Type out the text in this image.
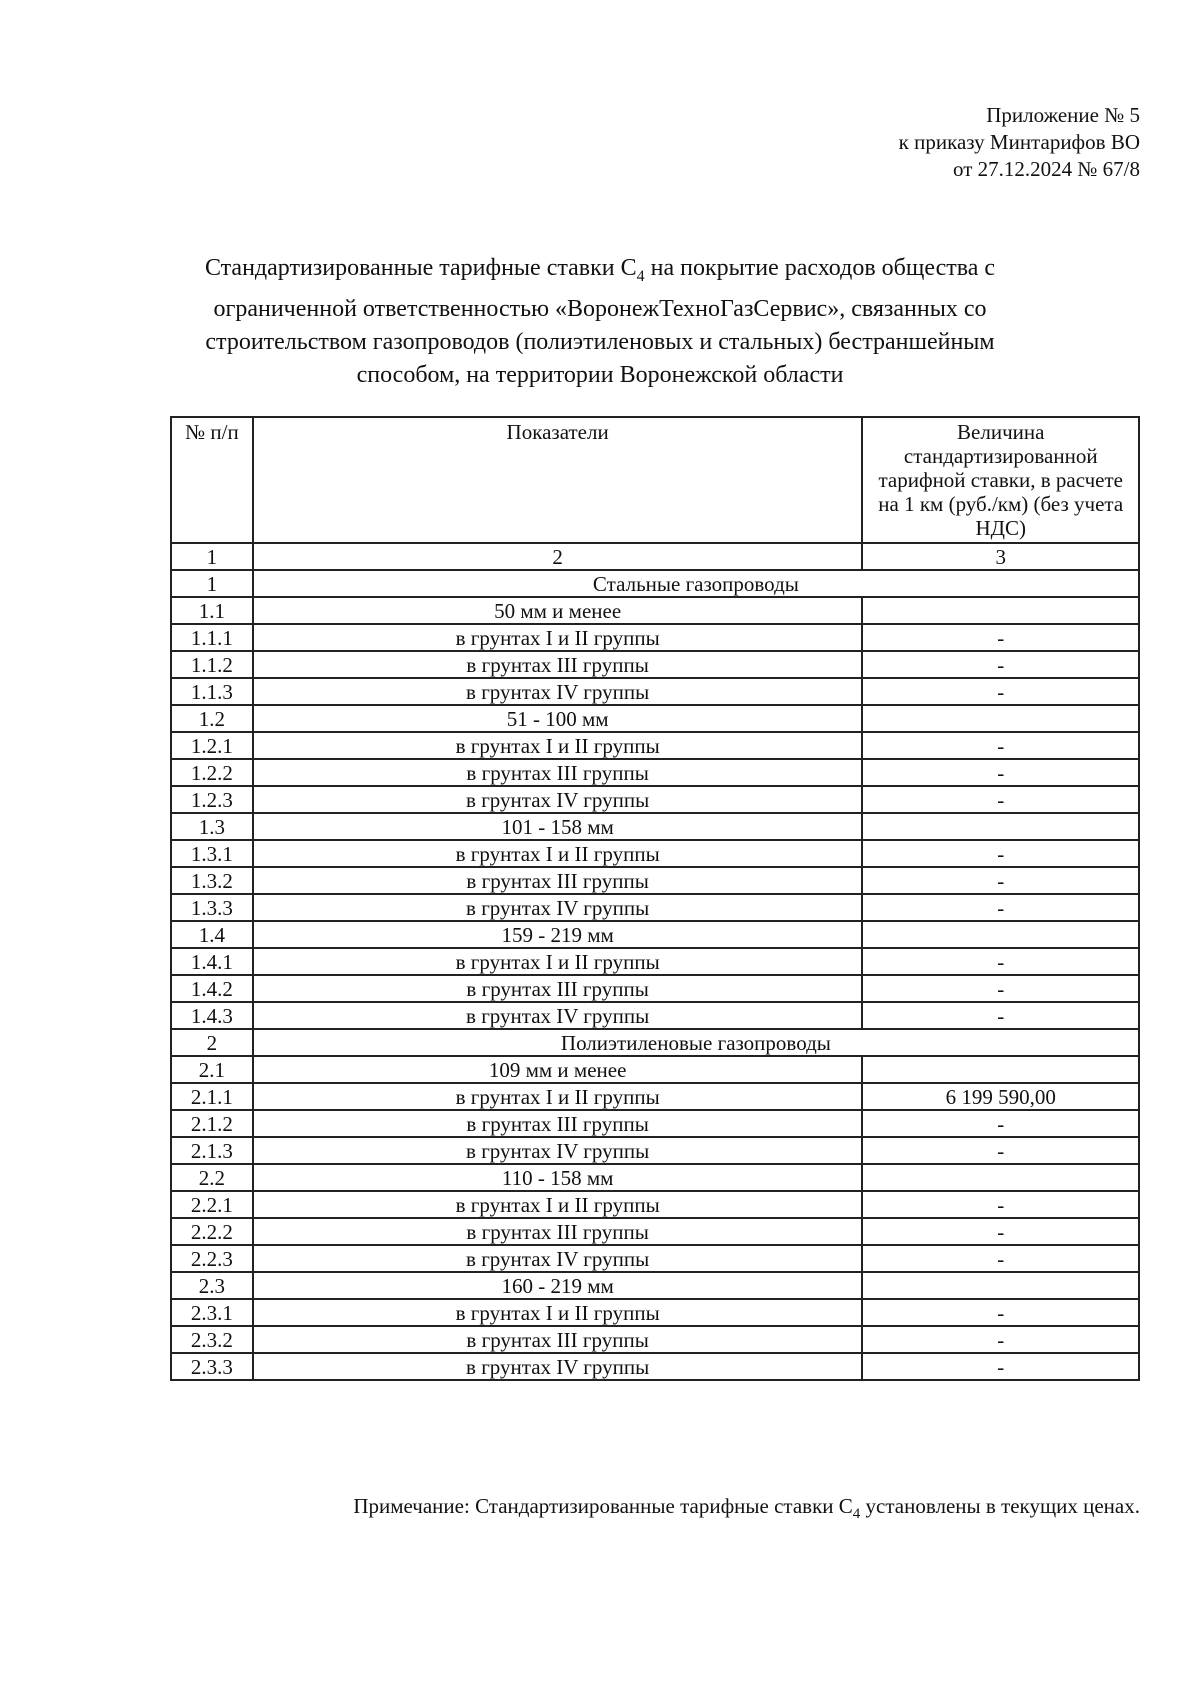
Приложение № 5
к приказу Минтарифов ВО
от 27.12.2024 № 67/8
Стандартизированные тарифные ставки $С_4$ на покрытие расходов общества с ограниченной ответственностью «ВоронежТехноГазСервис», связанных со строительством газопроводов (полиэтиленовых и стальных) бестраншейным способом, на территории Воронежской области
№ п/п	Показатели	Величина стандартизированной тарифной ставки, в расчете на 1 км (руб./км) (без учета НДС)
1	2	3
1	Стальные газопроводы	
1.1	50 мм и менее	

1.1.1	в грунтах I и II группы	-
1.1.2	в грунтах III группы	-
1.1.3	в грунтах IV группы	-
1.2	51 - 100 мм	

1.2.1	в грунтах I и II группы	-
1.2.2	в грунтах III группы	-
1.2.3	в грунтах IV группы	-
1.3	101 - 158 мм	

1.3.1	в грунтах I и II группы	-
1.3.2	в грунтах III группы	-
1.3.3	в грунтах IV группы	-
1.4	159 - 219 мм	

1.4.1	в грунтах I и II группы	-
1.4.2	в грунтах III группы	-
1.4.3	в грунтах IV группы	-
2	Полиэтиленовые газопроводы	
2.1	109 мм и менее	

2.1.1	в грунтах I и II группы	6 199 590,00
2.1.2	в грунтах III группы	-
2.1.3	в грунтах IV группы	-
2.2	110 - 158 мм	

2.2.1	в грунтах I и II группы	-
2.2.2	в грунтах III группы	-
2.2.3	в грунтах IV группы	-
2.3	160 - 219 мм	

2.3.1	в грунтах I и II группы	-
2.3.2	в грунтах III группы	-
2.3.3	в грунтах IV группы	-
Примечание: Стандартизированные тарифные ставки $С_4$ установлены в текущих ценах.
